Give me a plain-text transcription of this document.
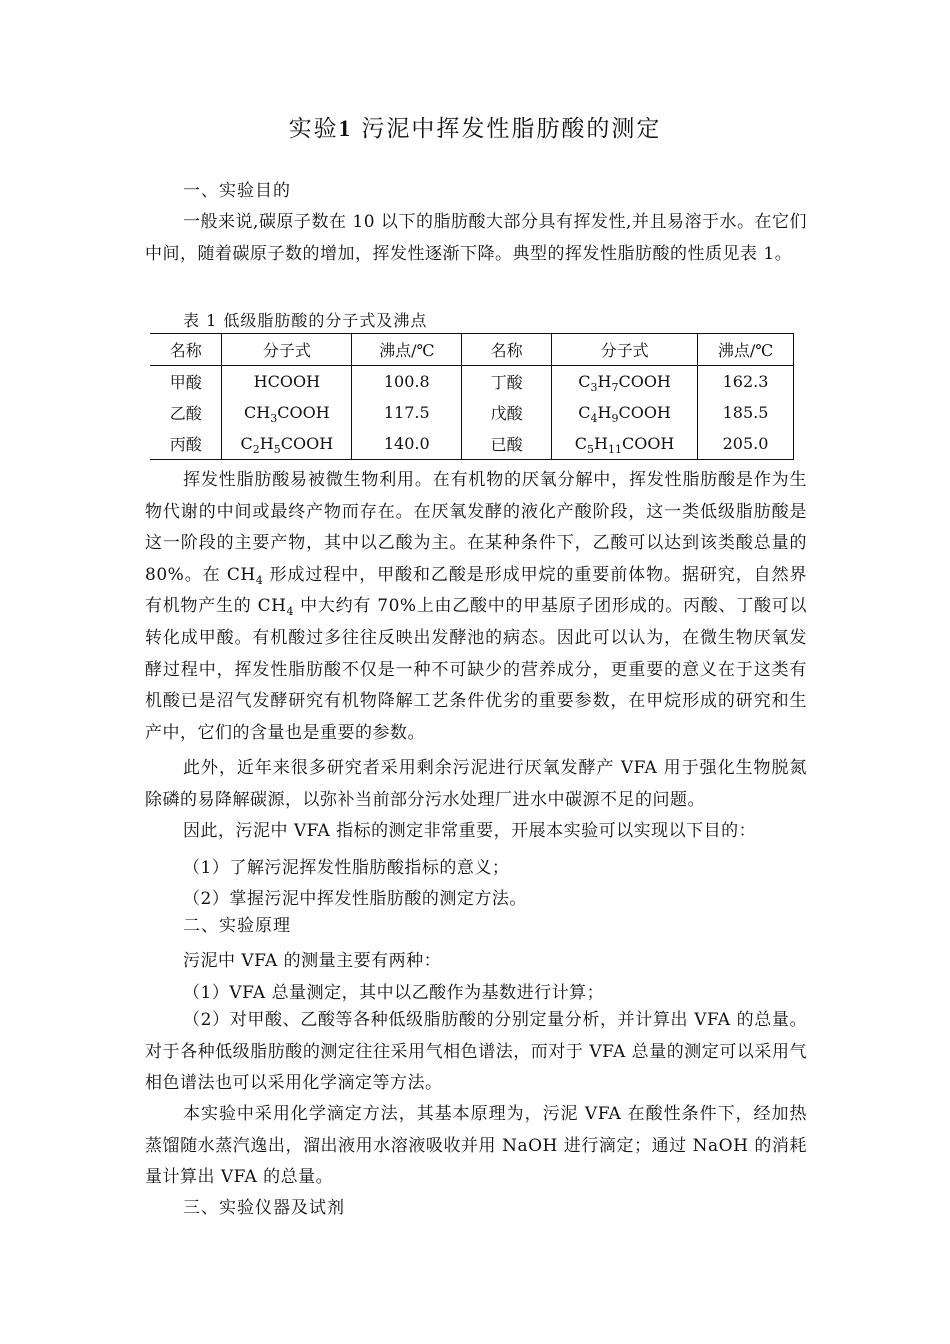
实验1 污泥中挥发性脂肪酸的测定
一、实验目的
一般来说,碳原子数在 10 以下的脂肪酸大部分具有挥发性,并且易溶于水。在它们中间，随着碳原子数的增加，挥发性逐渐下降。典型的挥发性脂肪酸的性质见表 1。
表 1 低级脂肪酸的分子式及沸点
名称	分子式	沸点/℃	名称	分子式	沸点/℃
甲酸	HCOOH	100.8	丁酸	$C_3H_7COOH$	162.3
乙酸	$CH_3COOH$	117.5	戊酸	$C_4H_9COOH$	185.5
丙酸	$C_2H_5COOH$	140.0	已酸	$C_5H_{11}COOH$	205.0
挥发性脂肪酸易被微生物利用。在有机物的厌氧分解中，挥发性脂肪酸是作为生物代谢的中间或最终产物而存在。在厌氧发酵的液化产酸阶段，这一类低级脂肪酸是这一阶段的主要产物，其中以乙酸为主。在某种条件下，乙酸可以达到该类酸总量的 80%。在 $CH_4$ 形成过程中，甲酸和乙酸是形成甲烷的重要前体物。据研究，自然界有机物产生的 $CH_4$ 中大约有 70%上由乙酸中的甲基原子团形成的。丙酸、丁酸可以转化成甲酸。有机酸过多往往反映出发酵池的病态。因此可以认为，在微生物厌氧发酵过程中，挥发性脂肪酸不仅是一种不可缺少的营养成分，更重要的意义在于这类有机酸已是沼气发酵研究有机物降解工艺条件优劣的重要参数，在甲烷形成的研究和生产中，它们的含量也是重要的参数。
此外，近年来很多研究者采用剩余污泥进行厌氧发酵产 VFA 用于强化生物脱氮除磷的易降解碳源，以弥补当前部分污水处理厂进水中碳源不足的问题。
因此，污泥中 VFA 指标的测定非常重要，开展本实验可以实现以下目的：
（1）了解污泥挥发性脂肪酸指标的意义；
（2）掌握污泥中挥发性脂肪酸的测定方法。
二、实验原理
污泥中 VFA 的测量主要有两种：
（1）VFA 总量测定，其中以乙酸作为基数进行计算；
（2）对甲酸、乙酸等各种低级脂肪酸的分别定量分析，并计算出 VFA 的总量。对于各种低级脂肪酸的测定往往采用气相色谱法，而对于 VFA 总量的测定可以采用气相色谱法也可以采用化学滴定等方法。
本实验中采用化学滴定方法，其基本原理为，污泥 VFA 在酸性条件下，经加热蒸馏随水蒸汽逸出，溜出液用水溶液吸收并用 NaOH 进行滴定；通过 NaOH 的消耗量计算出 VFA 的总量。
三、实验仪器及试剂
